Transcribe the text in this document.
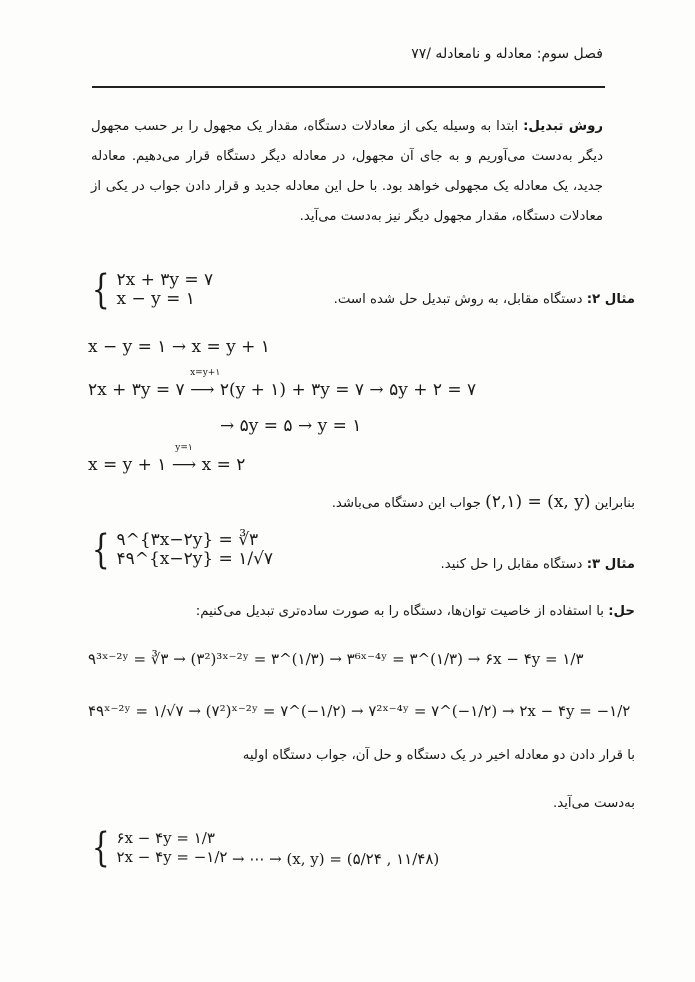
فصل سوم: معادله و نامعادله /۷۷
روش تبدیل: ابتدا به وسیله یکی از معادلات دستگاه، مقدار یک مجهول را بر حسب مجهول دیگر به‌دست می‌آوریم و به جای آن مجهول، در معادله دیگر دستگاه قرار می‌دهیم. معادله جدید، یک معادله یک مجهولی خواهد بود. با حل این معادله جدید و قرار دادن جواب در یکی از معادلات دستگاه، مقدار مجهول دیگر نیز به‌دست می‌آید.
{ ۲x + ۳y = ۷
x − y = ۱	مثال ۲: دستگاه مقابل، به روش تبدیل حل شده است.
x − y = ۱ → x = y + ۱
۲x + ۳y = ۷
x=y+۱
⟶ ۲(y + ۱) + ۳y = ۷ → ۵y + ۲ = ۷
→ ۵y = ۵ → y = ۱
x = y + ۱
y=۱
⟶ x = ۲
بنابراین (x, y) = (۲,۱) جواب این دستگاه می‌باشد.
{ ۹^{۳x−۲y} = ∛۳
۴۹^{x−۲y} = ۱/√۷	مثال ۳: دستگاه مقابل را حل کنید.
حل: با استفاده از خاصیت توان‌ها، دستگاه را به صورت ساده‌تری تبدیل می‌کنیم:
۹³ˣ⁻²ʸ = ∛۳ → (۳²)³ˣ⁻²ʸ = ۳^(۱/۳) → ۳⁶ˣ⁻⁴ʸ = ۳^(۱/۳) → ۶x − ۴y = ۱/۳
۴۹ˣ⁻²ʸ = ۱/√۷ → (۷²)ˣ⁻²ʸ = ۷^(−۱/۲) → ۷²ˣ⁻⁴ʸ = ۷^(−۱/۲) → ۲x − ۴y = −۱/۲
با قرار دادن دو معادله اخیر در یک دستگاه و حل آن، جواب دستگاه اولیه
به‌دست می‌آید.
{ ۶x − ۴y = ۱/۳
۲x − ۴y = −۱/۲ → ⋯ → (x, y) = (۵/۲۴ , ۱۱/۴۸)
